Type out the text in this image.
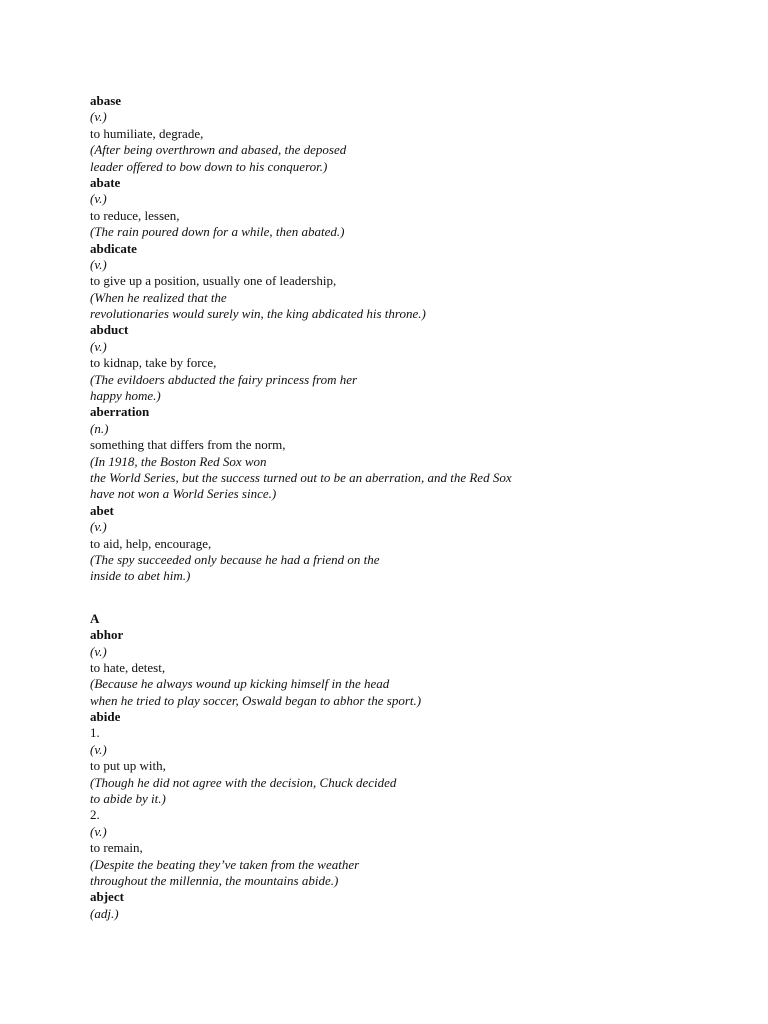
abase
(v.)
to humiliate, degrade,
(After being overthrown and abased, the deposed
leader offered to bow down to his conqueror.)
abate
(v.)
to reduce, lessen,
(The rain poured down for a while, then abated.)
abdicate
(v.)
to give up a position, usually one of leadership,
(When he realized that the
revolutionaries would surely win, the king abdicated his throne.)
abduct
(v.)
to kidnap, take by force,
(The evildoers abducted the fairy princess from her
happy home.)
aberration
(n.)
something that differs from the norm,
(In 1918, the Boston Red Sox won
the World Series, but the success turned out to be an aberration, and the Red Sox
have not won a World Series since.)
abet
(v.)
to aid, help, encourage,
(The spy succeeded only because he had a friend on the
inside to abet him.)
A
abhor
(v.)
to hate, detest,
(Because he always wound up kicking himself in the head
when he tried to play soccer, Oswald began to abhor the sport.)
abide
1.
(v.)
to put up with,
(Though he did not agree with the decision, Chuck decided
to abide by it.)
2.
(v.)
to remain,
(Despite the beating they’ve taken from the weather
throughout the millennia, the mountains abide.)
abject
(adj.)
